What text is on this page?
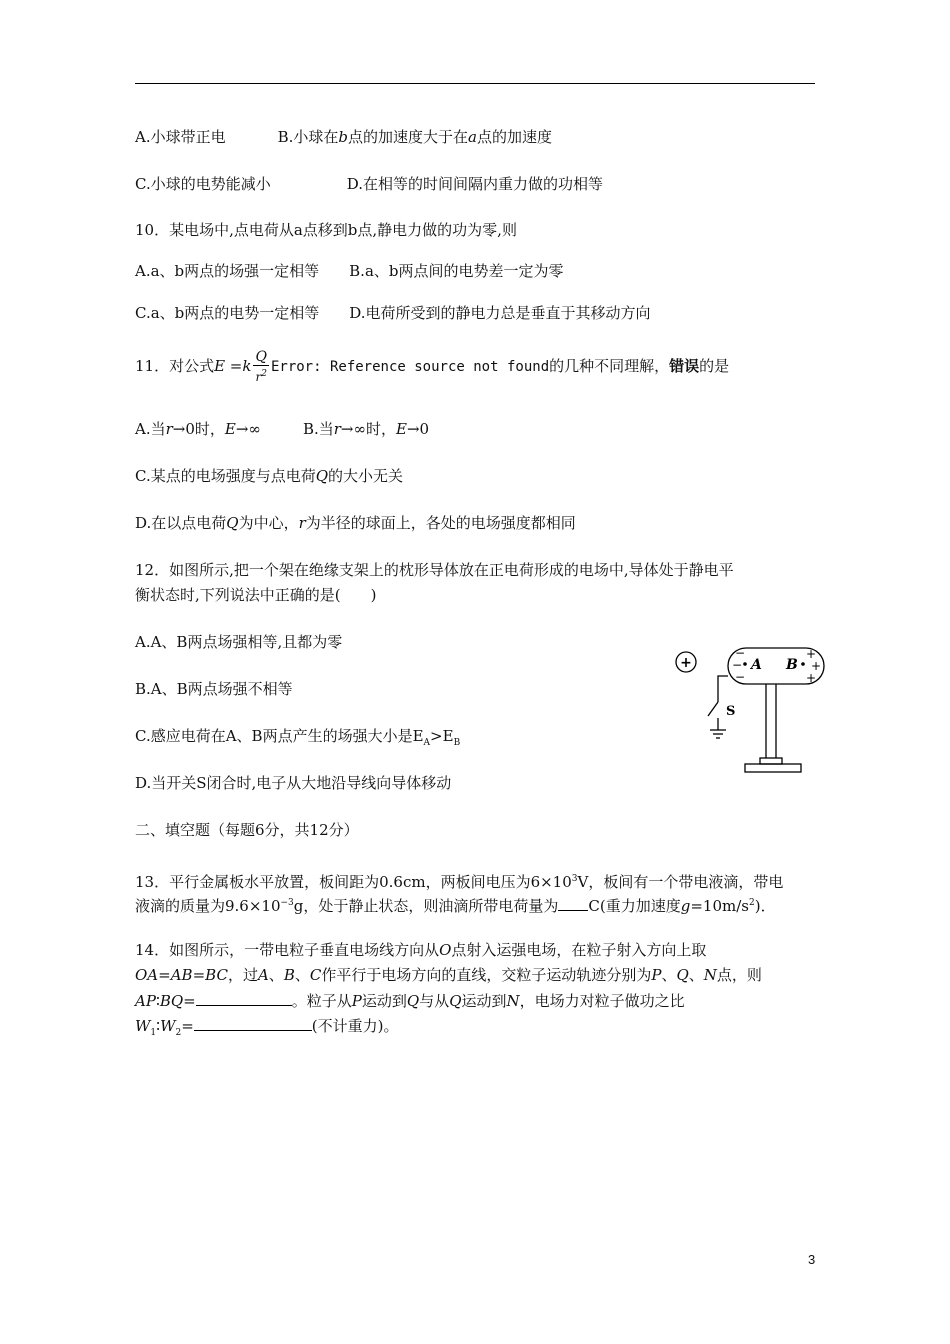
A.小球带正电	B.小球在b点的加速度大于在a点的加速度
C.小球的电势能减小	D.在相等的时间间隔内重力做的功相等
10．某电场中,点电荷从a点移到b点,静电力做的功为零,则
A.a、b两点的场强一定相等 B.a、b两点间的电势差一定为零
C.a、b两点的电势一定相等 D.电荷所受到的静电力总是垂直于其移动方向
11．对公式$E =k \frac{Q}{r^2}$ Error: Reference source not found的几种不同理解，错误的是
A.当r→0时，E→∞	B.当r→∞时，E→0
C.某点的电场强度与点电荷Q的大小无关
D.在以点电荷Q为中心，r为半径的球面上，各处的电场强度都相同
12．如图所示,把一个架在绝缘支架上的枕形导体放在正电荷形成的电场中,导体处于静电平
衡状态时,下列说法中正确的是(　　)
A.A、B两点场强相等,且都为零
B.A、B两点场强不相等
C.感应电荷在A、B两点产生的场强大小是$E_A>E_B$
D.当开关S闭合时,电子从大地沿导线向导体移动
+
−
−
−
+
+
+
A B
S
二、填空题（每题6分，共12分）
13．平行金属板水平放置，板间距为0.6cm，两板间电压为$6\times 10^3V$，板间有一个带电液滴，带电
液滴的质量为$9.6\times 10^{-3}g$，处于静止状态，则油滴所带电荷量为 C(重力加速度$g=10m/s^2$)．
14．如图所示，一带电粒子垂直电场线方向从O点射入运强电场，在粒子射入方向上取
OA=AB=BC，过A、B、C作平行于电场方向的直线，交粒子运动轨迹分别为P、Q、N点，则
AP∶BQ=	。粒子从P运动到Q与从Q运动到N，电场力对粒子做功之比
$W_1∶W_2=$	(不计重力)。
3
